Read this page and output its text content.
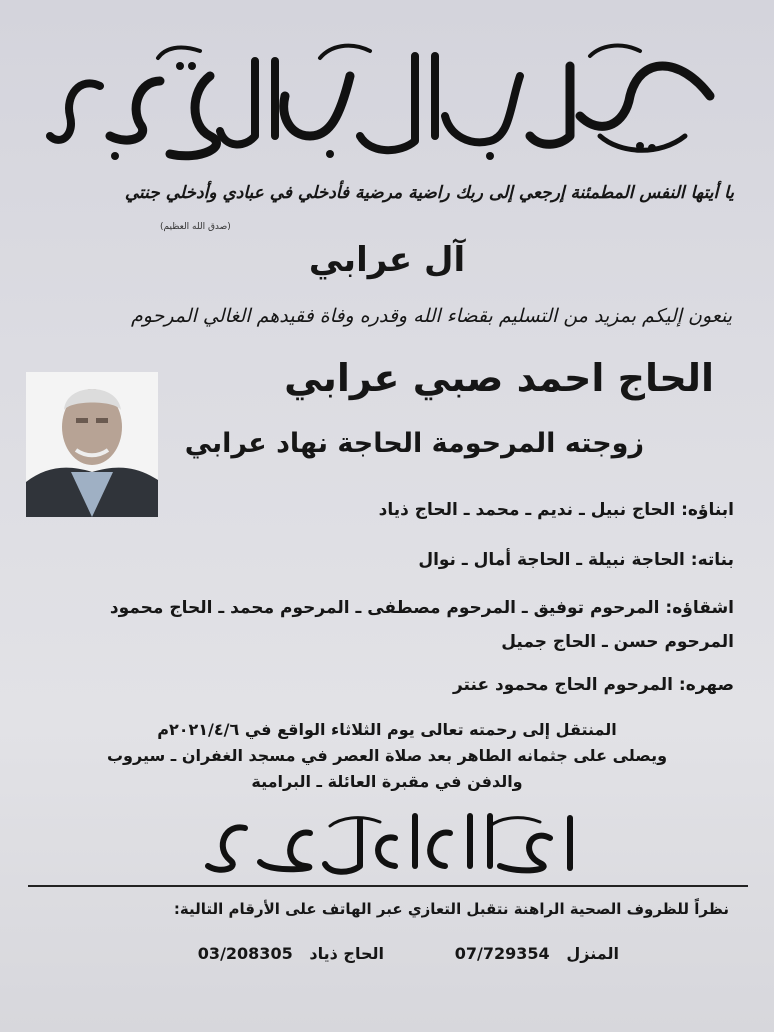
يا أيتها النفس المطمئنة إرجعي إلى ربك راضية مرضية فأدخلي في عبادي وأدخلي جنتي
(صدق الله العظيم)
آل عرابي
ينعون إليكم بمزيد من التسليم بقضاء الله وقدره وفاة فقيدهم الغالي المرحوم
الحاج احمد صبي عرابي
زوجته المرحومة الحاجة نهاد عرابي
ابناؤه: الحاج نبيل ـ نديم ـ محمد ـ الحاج ذياد
بناته: الحاجة نبيلة ـ الحاجة أمال ـ نوال
اشقاؤه: المرحوم توفيق ـ المرحوم مصطفى ـ المرحوم محمد ـ الحاج محمود
المرحوم حسن ـ الحاج جميل
صهره: المرحوم الحاج محمود عنتر
المنتقل إلى رحمته تعالى يوم الثلاثاء الواقع في ٢٠٢١/٤/٦م
ويصلى على جثمانه الطاهر بعد صلاة العصر في مسجد الغفران ـ سيروب
والدفن في مقبرة العائلة ـ البرامية
نظراً للظروف الصحية الراهنة نتقبل التعازي عبر الهاتف على الأرقام التالية:
المنزل   07/729354
الحاج ذياد   03/208305
